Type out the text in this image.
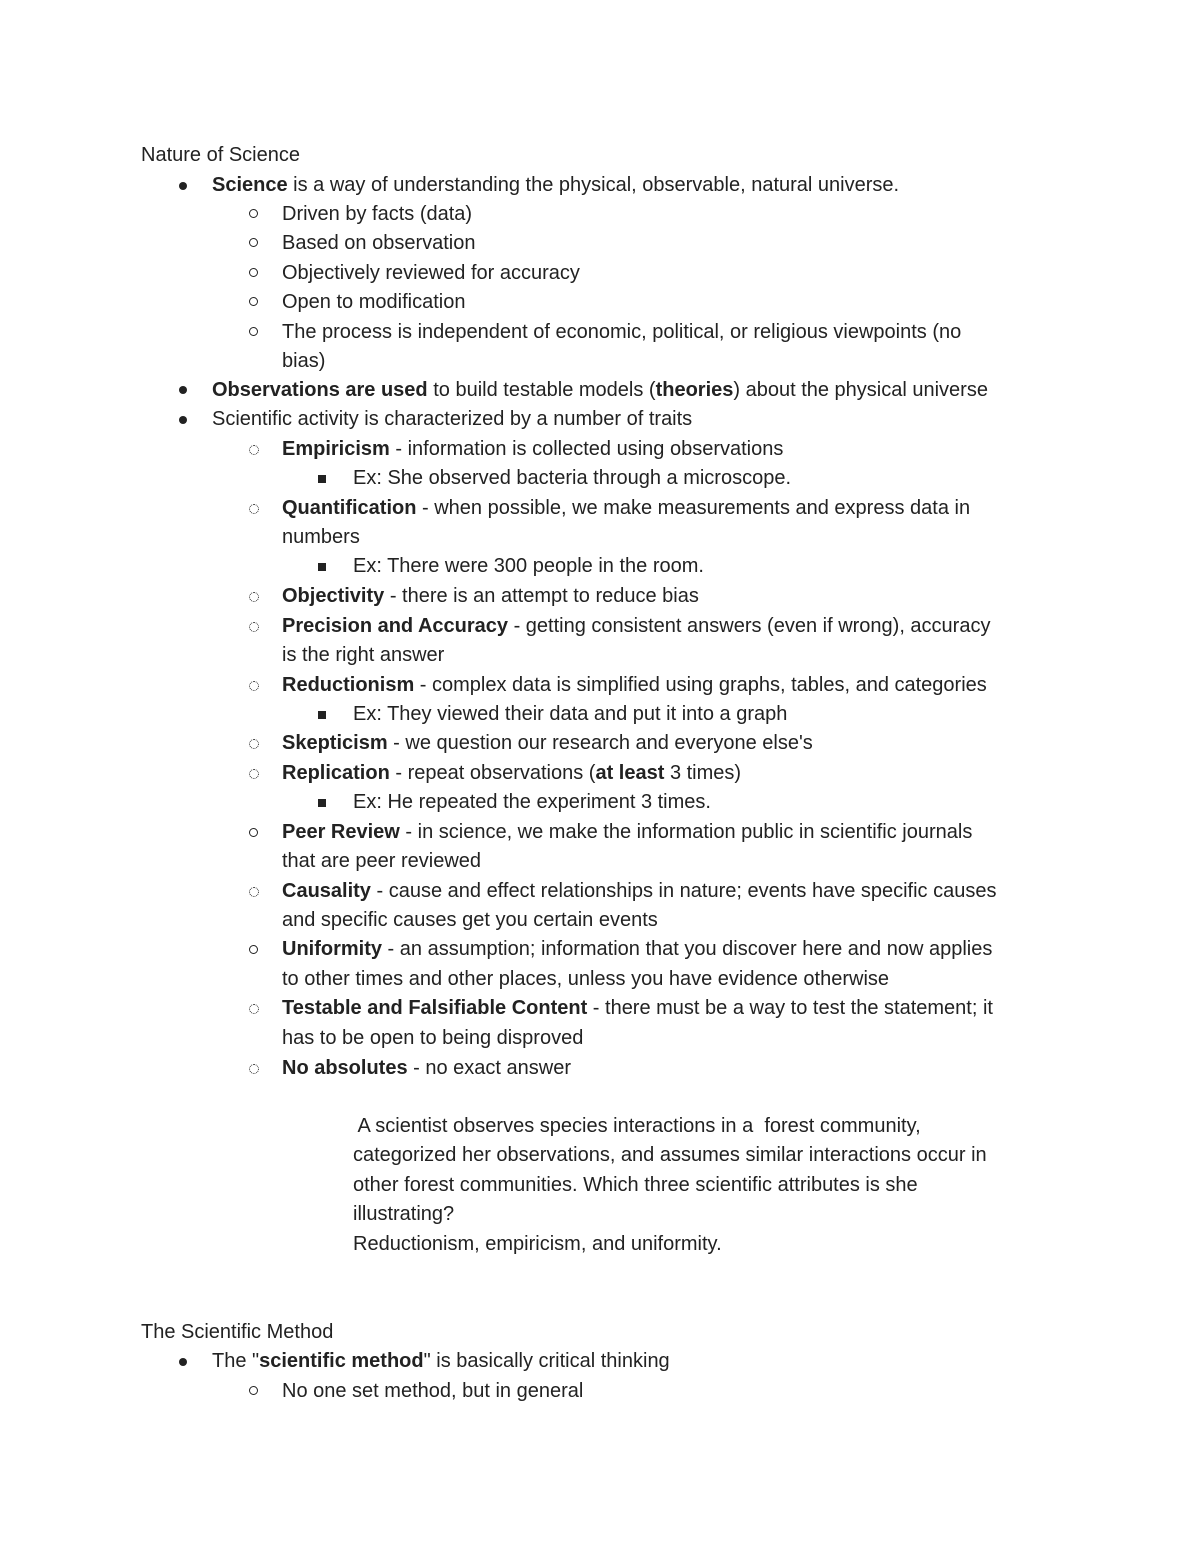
Nature of Science
Science is a way of understanding the physical, observable, natural universe.
Driven by facts (data)
Based on observation
Objectively reviewed for accuracy
Open to modification
The process is independent of economic, political, or religious viewpoints (no
bias)
Observations are used to build testable models (theories) about the physical universe
Scientific activity is characterized by a number of traits
Empiricism - information is collected using observations
Ex: She observed bacteria through a microscope.
Quantification - when possible, we make measurements and express data in
numbers
Ex: There were 300 people in the room.
Objectivity - there is an attempt to reduce bias
Precision and Accuracy - getting consistent answers (even if wrong), accuracy
is the right answer
Reductionism - complex data is simplified using graphs, tables, and categories
Ex: They viewed their data and put it into a graph
Skepticism - we question our research and everyone else's
Replication - repeat observations (at least 3 times)
Ex: He repeated the experiment 3 times.
Peer Review - in science, we make the information public in scientific journals
that are peer reviewed
Causality - cause and effect relationships in nature; events have specific causes
and specific causes get you certain events
Uniformity - an assumption; information that you discover here and now applies
to other times and other places, unless you have evidence otherwise
Testable and Falsifiable Content - there must be a way to test the statement; it
has to be open to being disproved
No absolutes - no exact answer
A scientist observes species interactions in a  forest community,
categorized her observations, and assumes similar interactions occur in
other forest communities. Which three scientific attributes is she
illustrating?
Reductionism, empiricism, and uniformity.
The Scientific Method
The "scientific method" is basically critical thinking
No one set method, but in general
